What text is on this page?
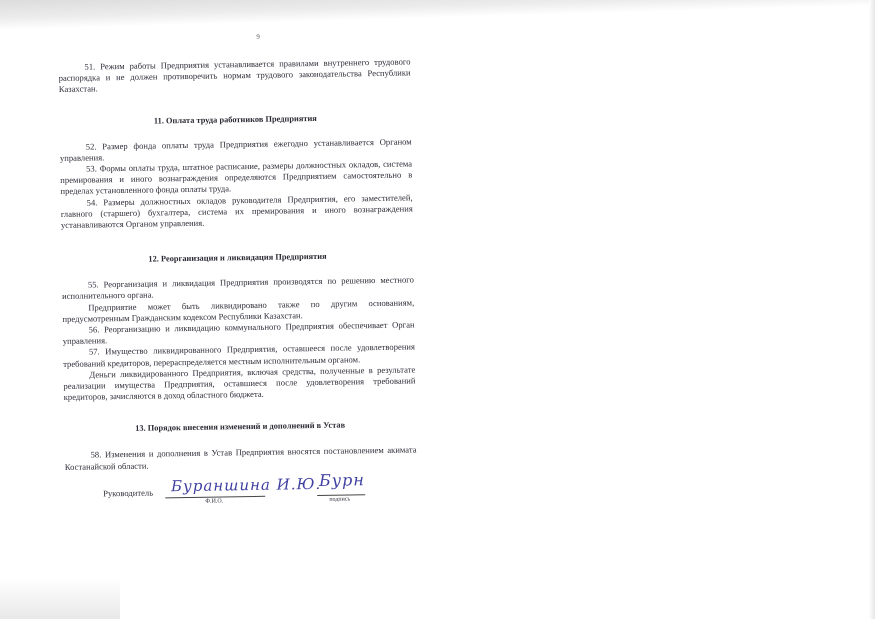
9

51. Режим работы Предприятия устанавливается правилами внутреннего трудового распорядка и не должен противоречить нормам трудового законодательства Республики Казахстан.

11. Оплата труда работников Предприятия

52. Размер фонда оплаты труда Предприятия ежегодно устанавливается Органом управления.

53. Формы оплаты труда, штатное расписание, размеры должностных окладов, система премирования и иного вознаграждения определяются Предприятием самостоятельно в пределах установленного фонда оплаты труда.

54. Размеры должностных окладов руководителя Предприятия, его заместителей, главного (старшего) бухгалтера, система их премирования и иного вознаграждения устанавливаются Органом управления.

12. Реорганизация и ликвидация Предприятия

55. Реорганизация и ликвидация Предприятия производятся по решению местного исполнительного органа.

Предприятие может быть ликвидировано также по другим основаниям, предусмотренным Гражданским кодексом Республики Казахстан.

56. Реорганизацию и ликвидацию коммунального Предприятия обеспечивает Орган управления.

57. Имущество ликвидированного Предприятия, оставшееся после удовлетворения требований кредиторов, перераспределяется местным исполнительным органом.

Деньги ликвидированного Предприятия, включая средства, полученные в результате реализации имущества Предприятия, оставшиеся после удовлетворения требований кредиторов, зачисляются в доход областного бюджета.

13. Порядок внесения изменений и дополнений в Устав

58. Изменения и дополнения в Устав Предприятия вносятся постановлением акимата Костанайской области.

Руководитель Бураншина И.Ю.
Ф.И.О.
Бурн
подпись
